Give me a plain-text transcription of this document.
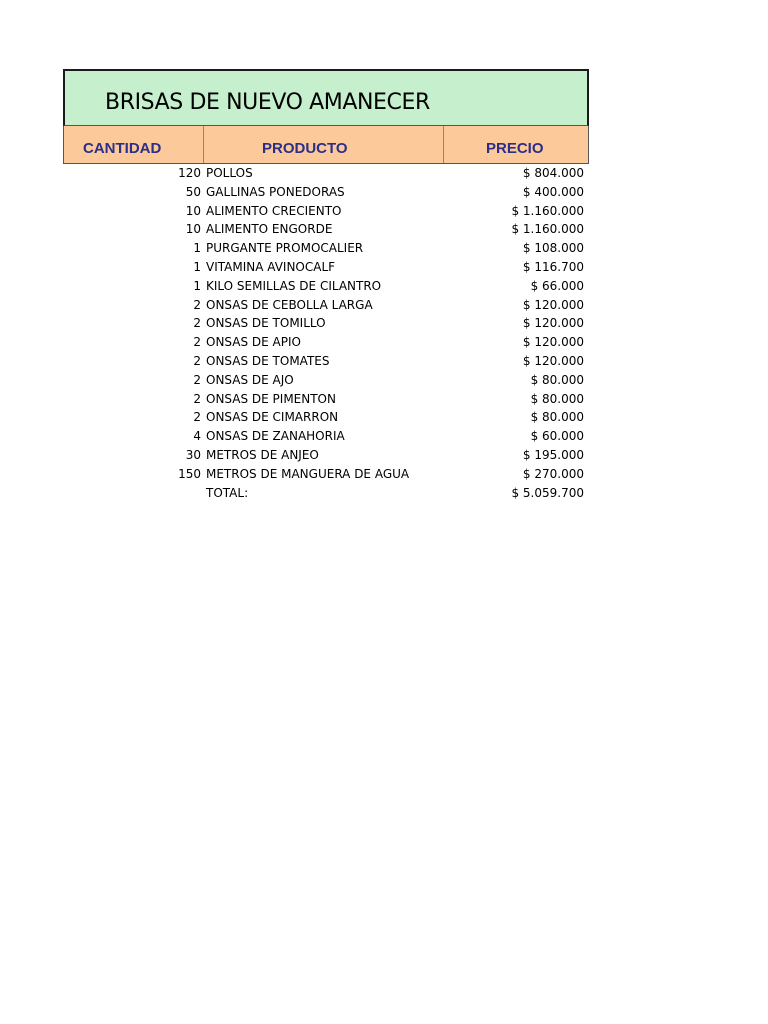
BRISAS DE NUEVO AMANECER
CANTIDAD	PRODUCTO	PRECIO
120 POLLOS	$ 804.000
50 GALLINAS PONEDORAS	$ 400.000
10 ALIMENTO CRECIENTO	$ 1.160.000
10 ALIMENTO ENGORDE	$ 1.160.000
1 PURGANTE PROMOCALIER	$ 108.000
1 VITAMINA AVINOCALF	$ 116.700
1 KILO SEMILLAS DE CILANTRO	$ 66.000
2 ONSAS DE CEBOLLA LARGA	$ 120.000
2 ONSAS DE TOMILLO	$ 120.000
2 ONSAS DE APIO	$ 120.000
2 ONSAS DE TOMATES	$ 120.000
2 ONSAS DE AJO	$ 80.000
2 ONSAS DE PIMENTON	$ 80.000
2 ONSAS DE CIMARRON	$ 80.000
4 ONSAS DE ZANAHORIA	$ 60.000
30 METROS DE ANJEO	$ 195.000
150 METROS DE MANGUERA DE AGUA	$ 270.000
TOTAL:	$ 5.059.700
